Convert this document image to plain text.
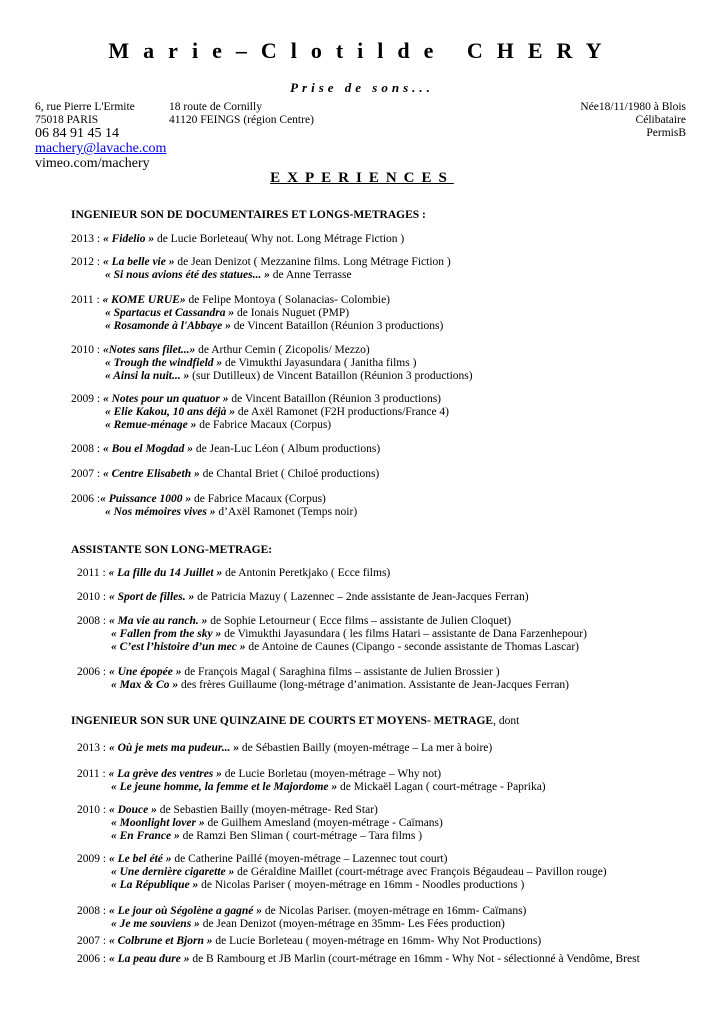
Marie–Clotilde CHERY
Prise de sons...
6, rue Pierre L'Ermite
75018 PARIS
18 route de Cornilly
41120 FEINGS (région Centre)
06 84 91 45 14
machery@lavache.com
vimeo.com/machery
Née18/11/1980 à Blois
Célibataire
PermisB
EXPERIENCES
INGENIEUR SON DE DOCUMENTAIRES ET LONGS-METRAGES :
2013 : « Fidelio » de Lucie Borleteau( Why not. Long Métrage Fiction )
2012 : « La belle vie » de Jean Denizot ( Mezzanine films. Long Métrage Fiction )
« Si nous avions été des statues... » de Anne Terrasse
2011 : « KOME URUE» de Felipe Montoya ( Solanacias- Colombie)
« Spartacus et Cassandra » de Ionais Nuguet (PMP)
« Rosamonde à l'Abbaye » de Vincent Bataillon (Réunion 3 productions)
2010 : «Notes sans filet...» de Arthur Cemin ( Zicopolis/ Mezzo)
« Trough the windfield » de Vimukthi Jayasundara ( Janitha films )
« Ainsi la nuit... » (sur Dutilleux) de Vincent Bataillon (Réunion 3 productions)
2009 : « Notes pour un quatuor » de Vincent Bataillon (Réunion 3 productions)
« Elie Kakou, 10 ans déjà » de Axël Ramonet (F2H productions/France 4)
« Remue-ménage » de Fabrice Macaux (Corpus)
2008 : « Bou el Mogdad » de Jean-Luc Léon ( Album productions)
2007 : « Centre Elisabeth » de Chantal Briet ( Chiloé productions)
2006 :« Puissance 1000 » de Fabrice Macaux (Corpus)
« Nos mémoires vives » d’Axël Ramonet (Temps noir)
ASSISTANTE SON LONG-METRAGE:
2011 : « La fille du 14 Juillet » de Antonin Peretkjako ( Ecce films)
2010 : « Sport de filles. » de Patricia Mazuy ( Lazennec – 2nde assistante de Jean-Jacques Ferran)
2008 : « Ma vie au ranch. » de Sophie Letourneur ( Ecce films – assistante de Julien Cloquet)
« Fallen from the sky » de Vimukthi Jayasundara ( les films Hatari – assistante de Dana Farzenhepour)
« C’est l’histoire d’un mec » de Antoine de Caunes (Cipango - seconde assistante de Thomas Lascar)
2006 : « Une épopée » de François Magal ( Saraghina films – assistante de Julien Brossier )
« Max & Co » des frères Guillaume (long-métrage d’animation. Assistante de Jean-Jacques Ferran)
INGENIEUR SON SUR UNE QUINZAINE DE COURTS ET MOYENS- METRAGE, dont
2013 : « Où je mets ma pudeur... » de Sébastien Bailly (moyen-métrage – La mer à boire)
2011 : « La grève des ventres » de Lucie Borletau (moyen-métrage – Why not)
« Le jeune homme, la femme et le Majordome » de Mickaël Lagan ( court-métrage - Paprika)
2010 : « Douce » de Sebastien Bailly (moyen-métrage- Red Star)
« Moonlight lover » de Guilhem Amesland (moyen-métrage - Caïmans)
« En France » de Ramzi Ben Sliman ( court-métrage – Tara films )
2009 : « Le bel été » de Catherine Paillé (moyen-métrage – Lazennec tout court)
« Une dernière cigarette » de Géraldine Maillet (court-métrage avec François Bégaudeau – Pavillon rouge)
« La République » de Nicolas Pariser ( moyen-métrage en 16mm - Noodles productions )
2008 : « Le jour où Ségolène a gagné » de Nicolas Pariser. (moyen-métrage en 16mm- Caïmans)
« Je me souviens » de Jean Denizot (moyen-métrage en 35mm- Les Fées production)
2007 : « Colbrune et Bjorn » de Lucie Borleteau ( moyen-métrage en 16mm- Why Not Productions)
2006 : « La peau dure » de B Rambourg et JB Marlin (court-métrage en 16mm - Why Not - sélectionné à Vendôme, Brest
